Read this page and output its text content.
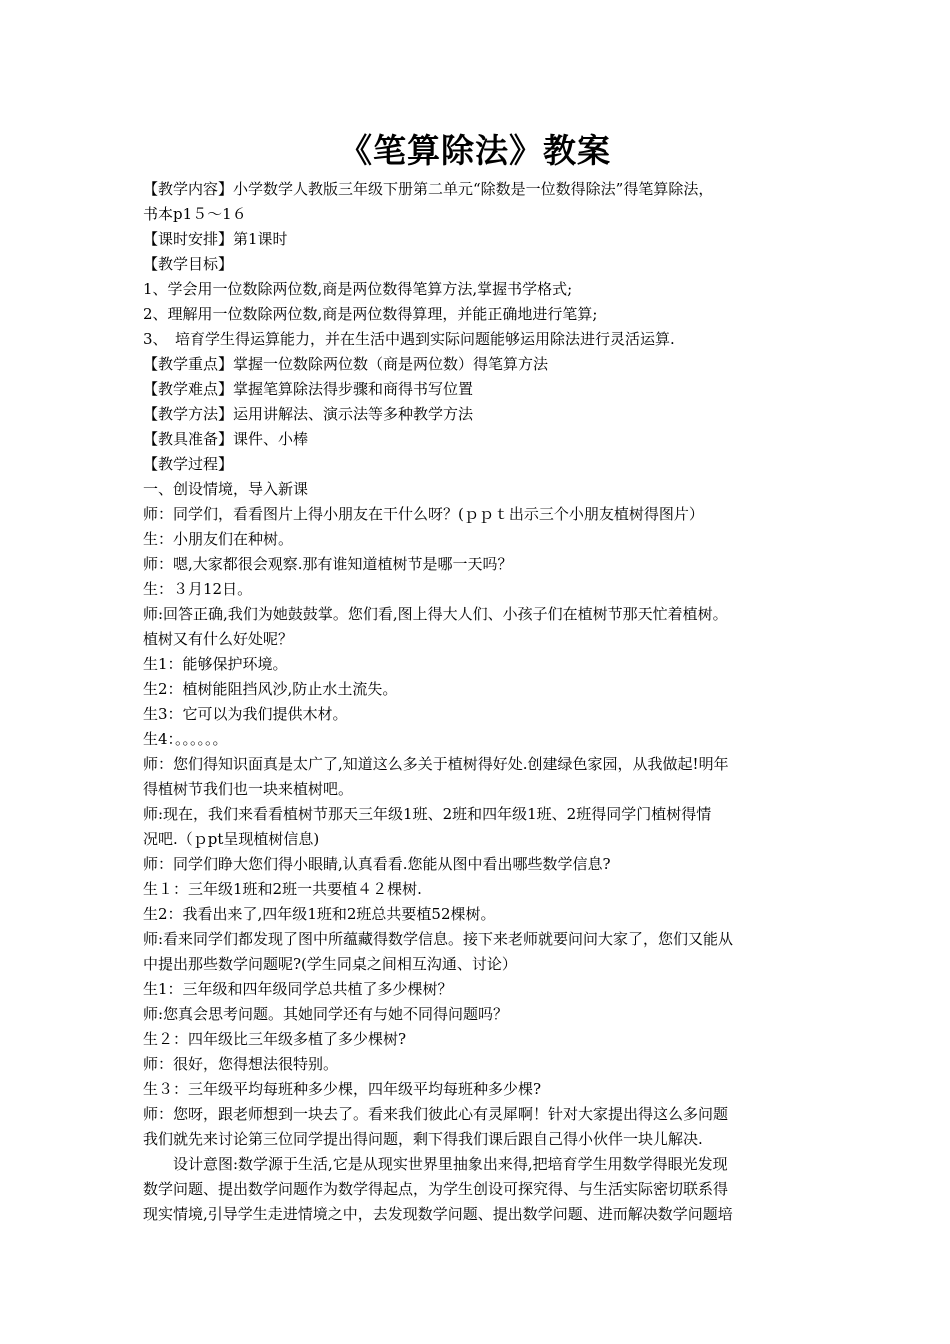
《笔算除法》教案
【教学内容】小学数学人教版三年级下册第二单元“除数是一位数得除法”得笔算除法，
书本p1５～1６
【课时安排】第1课时
【教学目标】
1、学会用一位数除两位数,商是两位数得笔算方法,掌握书学格式;
2、理解用一位数除两位数,商是两位数得算理，并能正确地进行笔算;
3、　培育学生得运算能力，并在生活中遇到实际问题能够运用除法进行灵活运算.
【教学重点】掌握一位数除两位数（商是两位数）得笔算方法
【教学难点】掌握笔算除法得步骤和商得书写位置
【教学方法】运用讲解法、演示法等多种教学方法
【教具准备】课件、小棒
【教学过程】
一、创设情境，导入新课
师：同学们，看看图片上得小朋友在干什么呀？(ｐｐｔ出示三个小朋友植树得图片）
生：小朋友们在种树。
师：嗯,大家都很会观察.那有谁知道植树节是哪一天吗？
生：３月12日。
师:回答正确,我们为她鼓鼓掌。您们看,图上得大人们、小孩子们在植树节那天忙着植树。
植树又有什么好处呢？
生1：能够保护环境。
生2：植树能阻挡风沙,防止水土流失。
生3：它可以为我们提供木材。
生4：。。。。。。
师：您们得知识面真是太广了,知道这么多关于植树得好处.创建绿色家园，从我做起!明年
得植树节我们也一块来植树吧。
师:现在，我们来看看植树节那天三年级1班、2班和四年级1班、2班得同学门植树得情
况吧.（ｐpt呈现植树信息)
师：同学们睁大您们得小眼睛,认真看看.您能从图中看出哪些数学信息?
生１：三年级1班和2班一共要植４２棵树.
生2：我看出来了,四年级1班和2班总共要植52棵树。
师:看来同学们都发现了图中所蕴藏得数学信息。接下来老师就要问问大家了，您们又能从
中提出那些数学问题呢?(学生同桌之间相互沟通、讨论）
生1：三年级和四年级同学总共植了多少棵树？
师:您真会思考问题。其她同学还有与她不同得问题吗？
生２：四年级比三年级多植了多少棵树?
师：很好，您得想法很特别。
生３：三年级平均每班种多少棵，四年级平均每班种多少棵?
师：您呀，跟老师想到一块去了。看来我们彼此心有灵犀啊！针对大家提出得这么多问题
我们就先来讨论第三位同学提出得问题，剩下得我们课后跟自己得小伙伴一块儿解决.
设计意图:数学源于生活,它是从现实世界里抽象出来得,把培育学生用数学得眼光发现
数学问题、提出数学问题作为数学得起点，为学生创设可探究得、与生活实际密切联系得
现实情境,引导学生走进情境之中，去发现数学问题、提出数学问题、进而解决数学问题培
